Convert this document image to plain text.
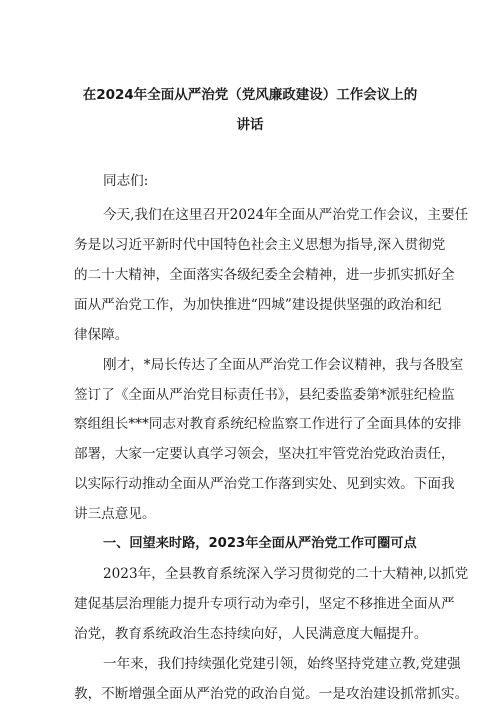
在2024年全面从严治党（党风廉政建设）工作会议上的
讲话
同志们:
今天,我们在这里召开2024年全面从严治党工作会议，主要任
务是以习近平新时代中国特色社会主义思想为指导,深入贯彻党
的二十大精神，全面落实各级纪委全会精神，进一步抓实抓好全
面从严治党工作，为加快推进“四城”建设提供坚强的政治和纪
律保障。
刚才，*局长传达了全面从严治党工作会议精神，我与各股室
签订了《全面从严治党目标责任书》，县纪委监委第*派驻纪检监
察组组长***同志对教育系统纪检监察工作进行了全面具体的安排
部署，大家一定要认真学习领会，坚决扛牢管党治党政治责任，
以实际行动推动全面从严治党工作落到实处、见到实效。下面我
讲三点意见。
一、回望来时路，2023年全面从严治党工作可圈可点
2023年，全县教育系统深入学习贯彻党的二十大精神,以抓党
建促基层治理能力提升专项行动为牵引，坚定不移推进全面从严
治党，教育系统政治生态持续向好，人民满意度大幅提升。
一年来，我们持续强化党建引领，始终坚持党建立教,党建强
教，不断增强全面从严治党的政治自觉。一是攻治建设抓常抓实。
